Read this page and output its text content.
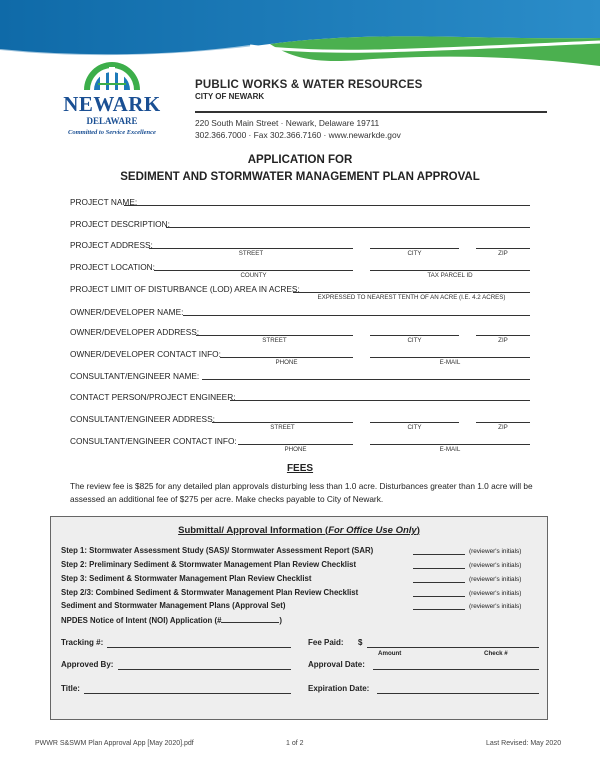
NEWARK
DELAWARE
Committed to Service Excellence
PUBLIC WORKS & WATER RESOURCES
CITY OF NEWARK
220 South Main Street · Newark, Delaware 19711
302.366.7000 · Fax 302.366.7160 · www.newarkde.gov
APPLICATION FOR
SEDIMENT AND STORMWATER MANAGEMENT PLAN APPROVAL
PROJECT NAME:
PROJECT DESCRIPTION:
PROJECT ADDRESS:
STREET	CITY	ZIP
PROJECT LOCATION:
COUNTY	TAX PARCEL ID
PROJECT LIMIT OF DISTURBANCE (LOD) AREA IN ACRES:
EXPRESSED TO NEAREST TENTH OF AN ACRE (I.E. 4.2 ACRES)
OWNER/DEVELOPER NAME:
OWNER/DEVELOPER ADDRESS:
STREET	CITY	ZIP
OWNER/DEVELOPER CONTACT INFO:
PHONE	E-MAIL
CONSULTANT/ENGINEER NAME:
CONTACT PERSON/PROJECT ENGINEER:
CONSULTANT/ENGINEER ADDRESS:
STREET	CITY	ZIP
CONSULTANT/ENGINEER CONTACT INFO:
PHONE	E-MAIL
FEES
The review fee is $825 for any detailed plan approvals disturbing less than 1.0 acre. Disturbances greater than 1.0 acre will be assessed an additional fee of $275 per acre. Make checks payable to City of Newark.
Submittal/ Approval Information (For Office Use Only)
Step 1: Stormwater Assessment Study (SAS)/ Stormwater Assessment Report (SAR)	(reviewer's initials)
Step 2: Preliminary Sediment & Stormwater Management Plan Review Checklist	(reviewer's initials)
Step 3: Sediment & Stormwater Management Plan Review Checklist	(reviewer's initials)
Step 2/3: Combined Sediment & Stormwater Management Plan Review Checklist	(reviewer's initials)
Sediment and Stormwater Management Plans (Approval Set)	(reviewer's initials)
NPDES Notice of Intent (NOI) Application (#	)
Tracking #:	Fee Paid: $
Amount	Check #
Approved By:	Approval Date:
Title:	Expiration Date:
PWWR S&SWM Plan Approval App [May 2020].pdf	1 of 2	Last Revised: May 2020
